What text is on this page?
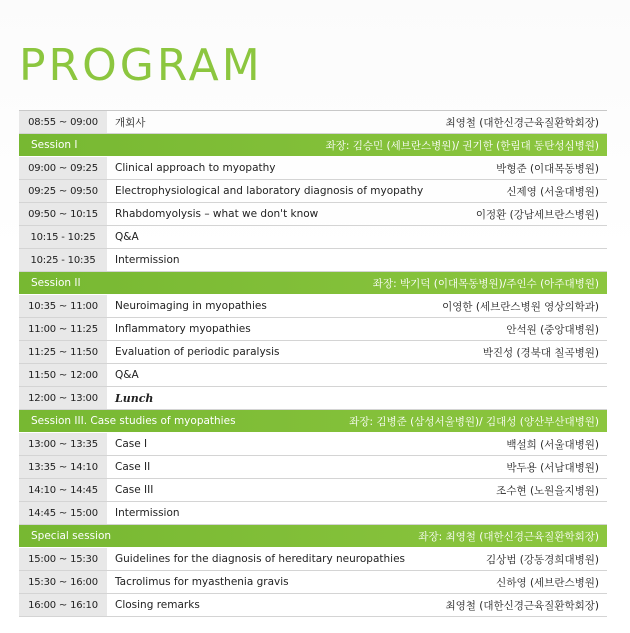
PROGRAM
08:55 ~ 09:00	개회사	최영철 (대한신경근육질환학회장)
Session I	좌장: 김승민 (세브란스병원)/ 권기한 (한림대 동탄성심병원)
09:00 ~ 09:25	Clinical approach to myopathy	박형준 (이대목동병원)
09:25 ~ 09:50	Electrophysiological and laboratory diagnosis of myopathy	신제영 (서울대병원)
09:50 ~ 10:15	Rhabdomyolysis – what we don't know	이정환 (강남세브란스병원)
10:15 - 10:25	Q&A
10:25 - 10:35	Intermission
Session II	좌장: 박기덕 (이대목동병원)/주인수 (아주대병원)
10:35 ~ 11:00	Neuroimaging in myopathies	이영한 (세브란스병원 영상의학과)
11:00 ~ 11:25	Inflammatory myopathies	안석원 (중앙대병원)
11:25 ~ 11:50	Evaluation of periodic paralysis	박진성 (경북대 칠곡병원)
11:50 ~ 12:00	Q&A
12:00 ~ 13:00	Lunch
Session III. Case studies of myopathies	좌장: 김병준 (삼성서울병원)/ 김대성 (양산부산대병원)
13:00 ~ 13:35	Case I	백설희 (서울대병원)
13:35 ~ 14:10	Case II	박두용 (서남대병원)
14:10 ~ 14:45	Case III	조수현 (노원을지병원)
14:45 ~ 15:00	Intermission
Special session	좌장: 최영철 (대한신경근육질환학회장)
15:00 ~ 15:30	Guidelines for the diagnosis of hereditary neuropathies	김상범 (강동경희대병원)
15:30 ~ 16:00	Tacrolimus for myasthenia gravis	신하영 (세브란스병원)
16:00 ~ 16:10	Closing remarks	최영철 (대한신경근육질환학회장)
